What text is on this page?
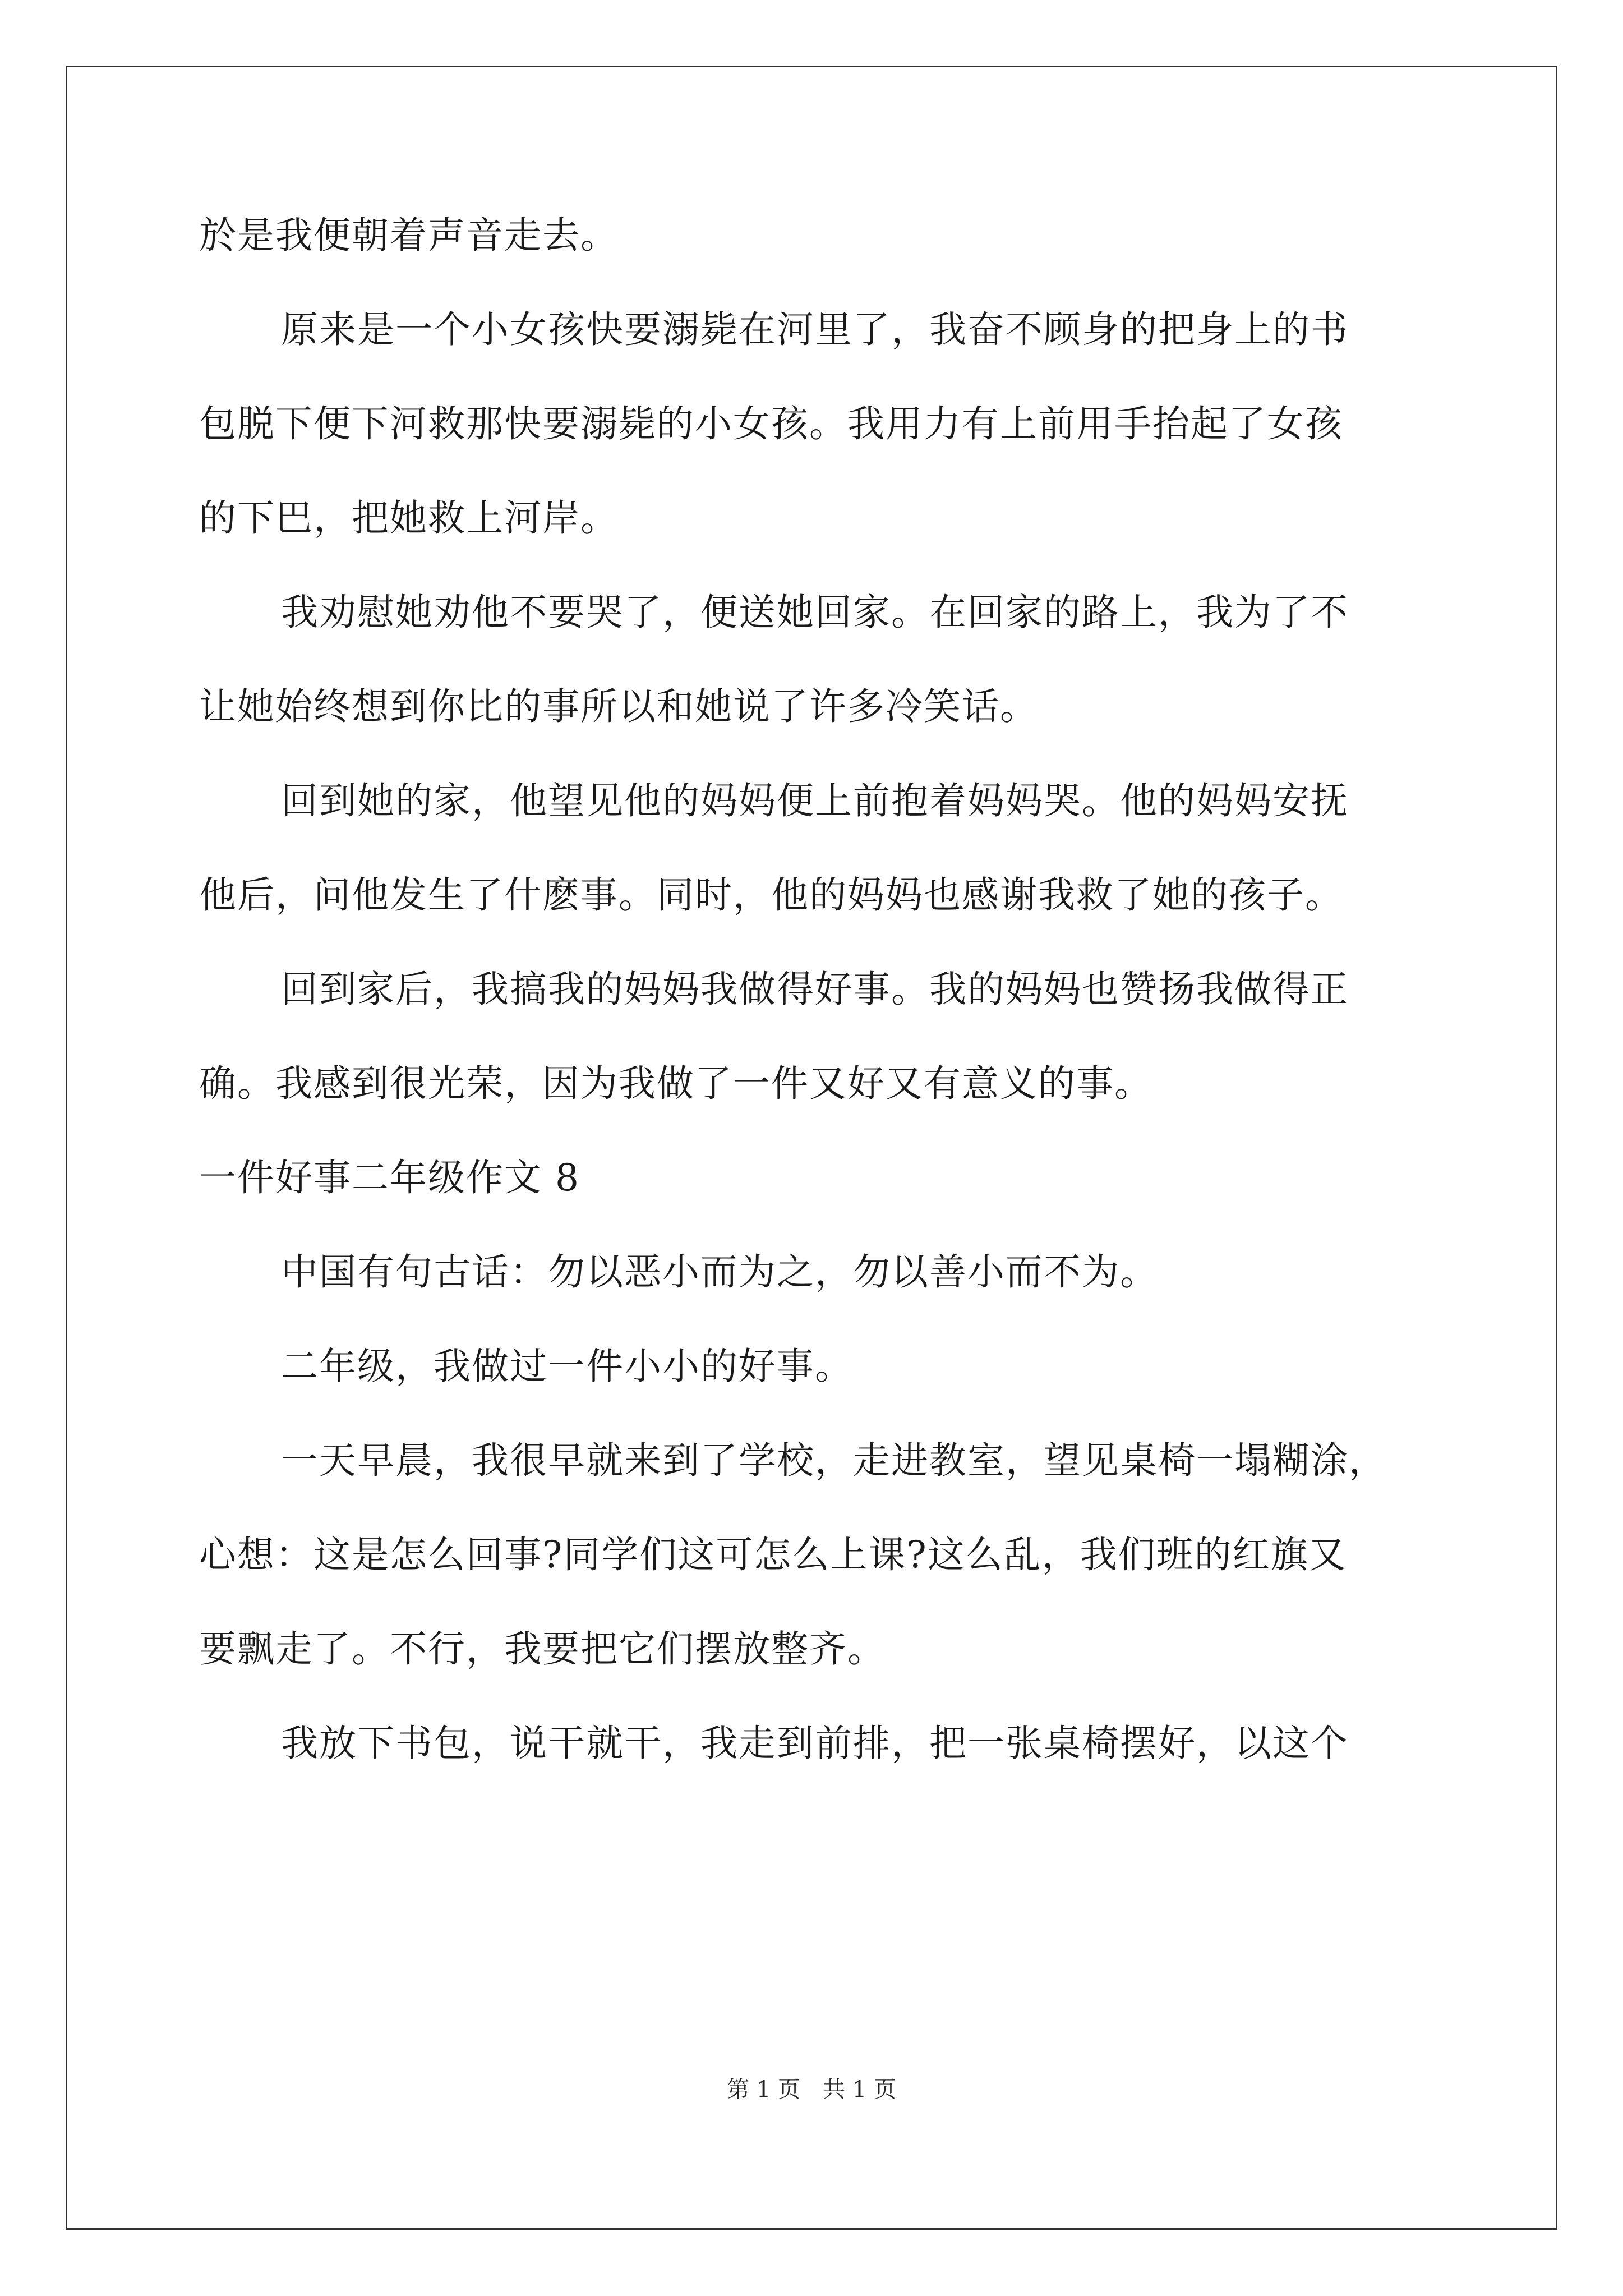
於是我便朝着声音走去。
原来是一个小女孩快要溺毙在河里了，我奋不顾身的把身上的书
包脱下便下河救那快要溺毙的小女孩。我用力有上前用手抬起了女孩
的下巴，把她救上河岸。
我劝慰她劝他不要哭了，便送她回家。在回家的路上，我为了不
让她始终想到你比的事所以和她说了许多冷笑话。
回到她的家，他望见他的妈妈便上前抱着妈妈哭。他的妈妈安抚
他后，问他发生了什麽事。同时，他的妈妈也感谢我救了她的孩子。
回到家后，我搞我的妈妈我做得好事。我的妈妈也赞扬我做得正
确。我感到很光荣，因为我做了一件又好又有意义的事。
一件好事二年级作文 8
中国有句古话：勿以恶小而为之，勿以善小而不为。
二年级，我做过一件小小的好事。
一天早晨，我很早就来到了学校，走进教室，望见桌椅一塌糊涂，
心想：这是怎么回事?同学们这可怎么上课?这么乱，我们班的红旗又
要飘走了。不行，我要把它们摆放整齐。
我放下书包，说干就干，我走到前排，把一张桌椅摆好，以这个
第 1 页　共 1 页
